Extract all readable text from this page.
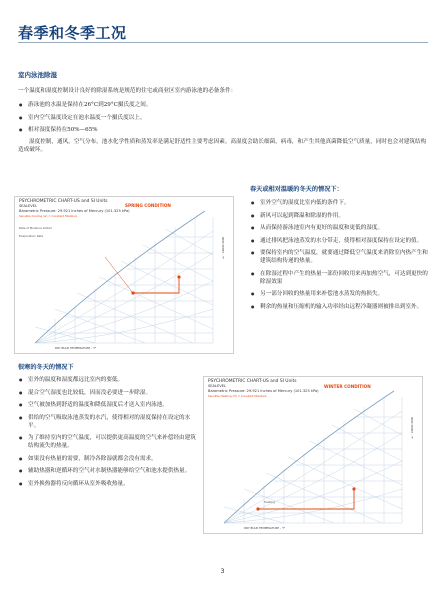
春季和冬季工况
室内泳池除湿
一个温度和湿度控制设计良好的除湿系统是规范的住宅或商业区室内游泳池的必备条件：
● 游泳池的水温是保持在26°C到29°C摄氏度之间。
● 室内空气温度设定在池水温度一个摄氏度以上。
● 相对湿度保持在50%—65%
湿度控制，通风，空气分布，池水化学性质和蒸发率是满足舒适性主要考虑因素。高湿度会助长细菌，病毒，和产生其他真菌降低空气质量，同时也会对建筑结构造成破坏。
PSYCHROMETRIC CHART-US and SI Units
SEALEVEL
Barometric Pressure: 29.921 inches of Mercury (101.325 kPa)
SPRING CONDITION
Sensible Cooling (w) = Constant Moisture
Rate of Moisture Added
Evaporation Rate
DEW POINT - °F
DRY BULB TEMPERATURE - °F
春天或相对温暖的冬天的情况下：
● 室外空气的湿度比室内低的条件下。
● 新风可以起到降温和除湿的作用。
● 从而保持游泳池室内有更好的温度和更低的湿度。
● 通过排风把泳池蒸发的水分带走，使得相对湿度保持在设定的值。
● 要保持室内的空气温度，就要通过降低空气温度来消除室内热产生和建筑结构传递的热量。
● 在除湿过程中产生的热量一部份回收用来再加热空气，可达到更快的除湿效果
● 另一部分回收的热量用来补偿池水蒸发的热损失。
● 剩余的热量和压缩机的输入功率经由远程冷凝器则被排出到室外。
很寒的冬天的情况下
● 室外的温度和湿度都远比室内的要低。
● 混合空气湿度也比较低，因而没必要进一步除湿。
● 空气被加热到舒适的温度和降低湿度后才送入室内泳池。
● 供给的空气吸取泳池蒸发的水汽，使得相对的湿度保持在设定的水平。
● 为了维持室内的空气温度，可以提供更高温度的空气来补偿经由建筑结构流失的热量。
● 如果没有热量的需要，制冷各除湿就都会没有需求。
● 辅助热器和逆循环的空气对水制热器能够给空气和池水提供热量。
● 室外换热器将反向循环从室外吸收热量。
PSYCHROMETRIC CHART-US and SI Units
SEALEVEL
Barometric Pressure: 29.921 inches of Mercury (101.325 kPa)
WINTER CONDITION
Sensible Heating (H) = Constant Moisture
Heating
DEW POINT - °F
DRY BULB TEMPERATURE - °F
3
